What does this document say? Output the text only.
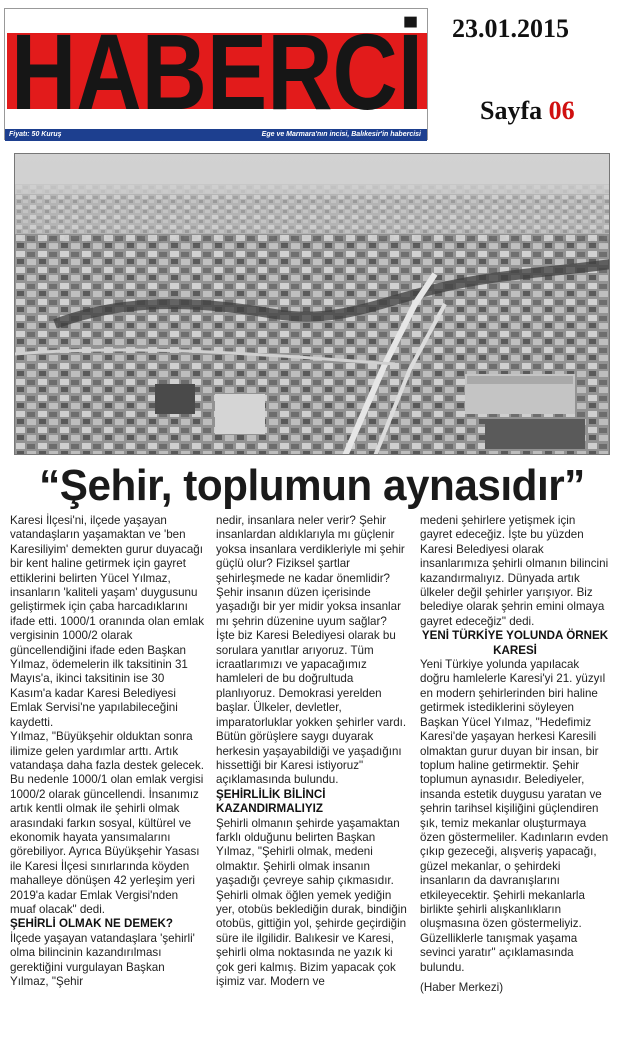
HABERCİ
Fiyatı: 50 Kuruş	Ege ve Marmara'nın incisi, Balıkesir'in habercisi
23.01.2015
Sayfa 06
“Şehir, toplumun aynasıdır”

Karesi İlçesi'ni, ilçede yaşayan vatandaşların yaşamaktan ve 'ben Karesiliyim' demekten gurur duyacağı bir kent haline getirmek için gayret ettiklerini belirten Yücel Yılmaz, insanların 'kaliteli yaşam' duygusunu geliştirmek için çaba harcadıklarını ifade etti. 1000/1 oranında olan emlak vergisinin 1000/2 olarak güncellendiğini ifade eden Başkan Yılmaz, ödemelerin ilk taksitinin 31 Mayıs'a, ikinci taksitinin ise 30 Kasım'a kadar Karesi Belediyesi Emlak Servisi'ne yapılabileceğini kaydetti.

Yılmaz, "Büyükşehir olduktan sonra ilimize gelen yardımlar arttı. Artık vatandaşa daha fazla destek gelecek. Bu nedenle 1000/1 olan emlak vergisi 1000/2 olarak güncellendi. İnsanımız artık kentli olmak ile şehirli olmak arasındaki farkın sosyal, kültürel ve ekonomik hayata yansımalarını görebiliyor. Ayrıca Büyükşehir Yasası ile Karesi İlçesi sınırlarında köyden mahalleye dönüşen 42 yerleşim yeri 2019'a kadar Emlak Vergisi'nden muaf olacak" dedi.

ŞEHİRLİ OLMAK NE DEMEK?

İlçede yaşayan vatandaşlara 'şehirli' olma bilincinin kazandırılması gerektiğini vurgulayan Başkan Yılmaz, "Şehir

nedir, insanlara neler verir? Şehir insanlardan aldıklarıyla mı güçlenir yoksa insanlara verdikleriyle mi şehir güçlü olur? Fiziksel şartlar şehirleşmede ne kadar önemlidir? Şehir insanın düzen içerisinde yaşadığı bir yer midir yoksa insanlar mı şehrin düzenine uyum sağlar? İşte biz Karesi Belediyesi olarak bu sorulara yanıtlar arıyoruz. Tüm icraatlarımızı ve yapacağımız hamleleri de bu doğrultuda planlıyoruz. Demokrasi yerelden başlar. Ülkeler, devletler, imparatorluklar yokken şehirler vardı. Bütün görüşlere saygı duyarak herkesin yaşayabildiği ve yaşadığını hissettiği bir Karesi istiyoruz" açıklamasında bulundu.

ŞEHİRLİLİK BİLİNCİ KAZANDIRMALIYIZ

Şehirli olmanın şehirde yaşamaktan farklı olduğunu belirten Başkan Yılmaz, "Şehirli olmak, medeni olmaktır. Şehirli olmak insanın yaşadığı çevreye sahip çıkmasıdır. Şehirli olmak öğlen yemek yediğin yer, otobüs beklediğin durak, bindiğin otobüs, gittiğin yol, şehirde geçirdiğin süre ile ilgilidir. Balıkesir ve Karesi, şehirli olma noktasında ne yazık ki çok geri kalmış. Bizim yapacak çok işimiz var. Modern ve

medeni şehirlere yetişmek için gayret edeceğiz. İşte bu yüzden Karesi Belediyesi olarak insanlarımıza şehirli olmanın bilincini kazandırmalıyız. Dünyada artık ülkeler değil şehirler yarışıyor. Biz belediye olarak şehrin emini olmaya gayret edeceğiz" dedi.

YENİ TÜRKİYE YOLUNDA ÖRNEK KARESİ

Yeni Türkiye yolunda yapılacak doğru hamlelerle Karesi'yi 21. yüzyıl en modern şehirlerinden biri haline getirmek istediklerini söyleyen Başkan Yücel Yılmaz, "Hedefimiz Karesi'de yaşayan herkesi Karesili olmaktan gurur duyan bir insan, bir toplum haline getirmektir. Şehir toplumun aynasıdır. Belediyeler, insanda estetik duygusu yaratan ve şehrin tarihsel kişiliğini güçlendiren şık, temiz mekanlar oluşturmaya özen göstermeliler. Kadınların evden çıkıp gezeceği, alışveriş yapacağı, güzel mekanlar, o şehirdeki insanların da davranışlarını etkileyecektir. Şehirli mekanlarla birlikte şehirli alışkanlıkların oluşmasına özen göstermeliyiz. Güzelliklerle tanışmak yaşama sevinci yaratır" açıklamasında bulundu.

(Haber Merkezi)
